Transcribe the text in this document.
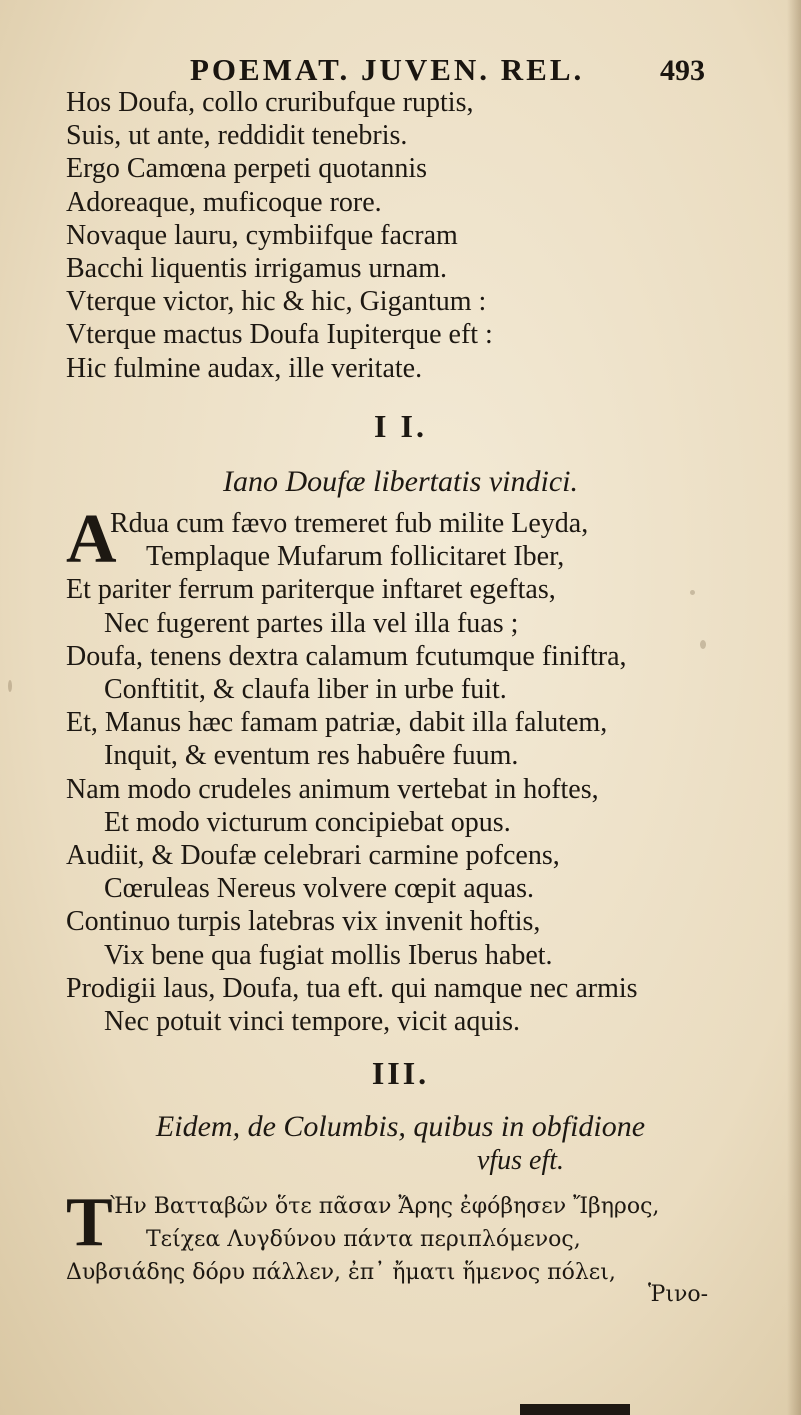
POEMAT. JUVEN. REL.	493
Hos Doufa, collo cruribufque ruptis,
Suis, ut ante, reddidit tenebris.
Ergo Camœna perpeti quotannis
Adoreaque, muficoque rore.
Novaque lauru, cymbiifque facram
Bacchi liquentis irrigamus urnam.
Vterque victor, hic & hic, Gigantum :
Vterque mactus Doufa Iupiterque eft :
Hic fulmine audax, ille veritate.
I I.
Iano Doufæ libertatis vindici.
A
Rdua cum fævo tremeret fub milite Leyda,
Templaque Mufarum follicitaret Iber,
Et pariter ferrum pariterque inftaret egeftas,
Nec fugerent partes illa vel illa fuas ;
Doufa, tenens dextra calamum fcutumque finiftra,
Conftitit, & claufa liber in urbe fuit.
Et, Manus hæc famam patriæ, dabit illa falutem,
Inquit, & eventum res habuêre fuum.
Nam modo crudeles animum vertebat in hoftes,
Et modo victurum concipiebat opus.
Audiit, & Doufæ celebrari carmine pofcens,
Cœruleas Nereus volvere cœpit aquas.
Continuo turpis latebras vix invenit hoftis,
Vix bene qua fugiat mollis Iberus habet.
Prodigii laus, Doufa, tua eft. qui namque nec armis
Nec potuit vinci tempore, vicit aquis.
III.
Eidem, de Columbis, quibus in obfidione
vfus eft.
T
Ὴν Βατταβῶν ὅτε πᾶσαν Ἄρης ἐφόβησεν Ἴβηρος,
Τείχεα Λυγδύνου πάντα περιπλόμενος,
Δυβσιάδης δόρυ πάλλεν, ἐπ᾽ ἤματι ἥμενος πόλει,
Ῥινο-
